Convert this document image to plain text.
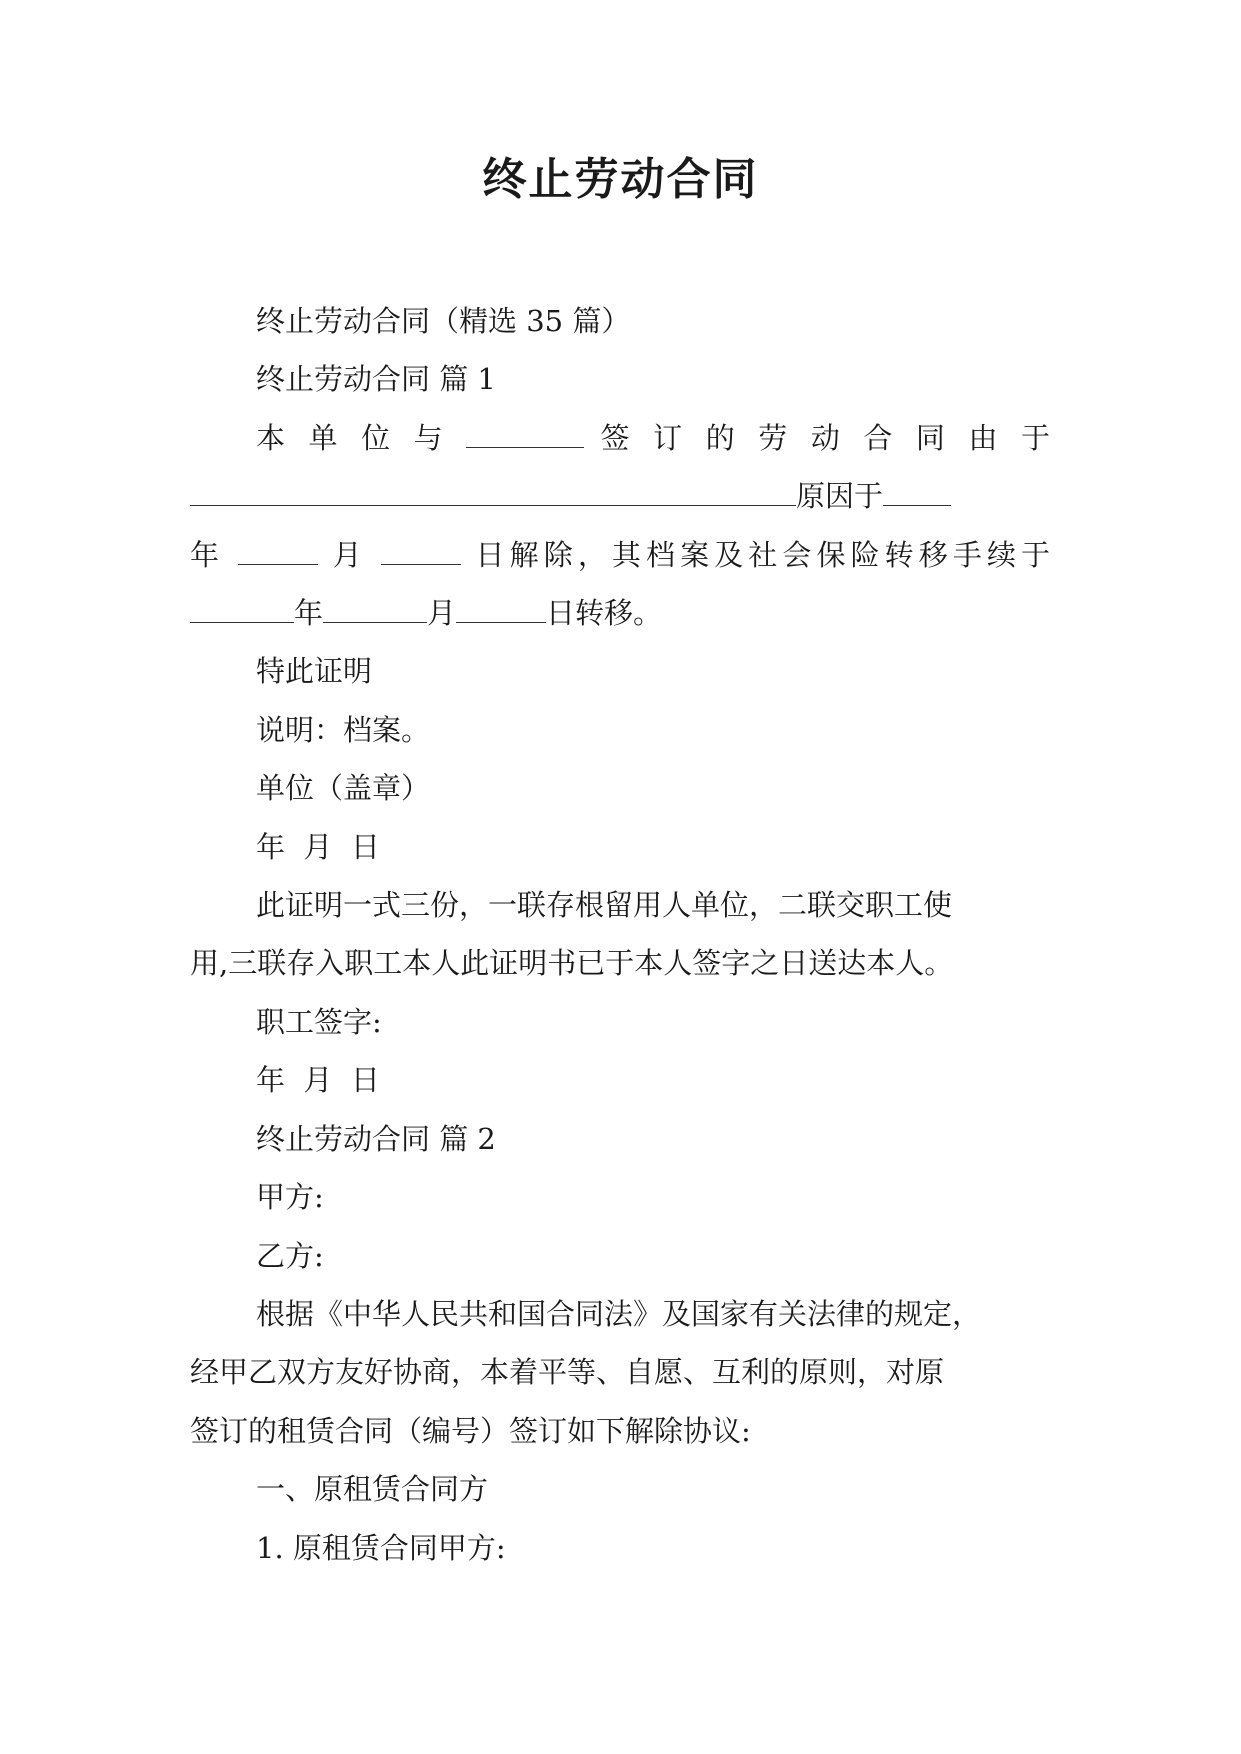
终止劳动合同

终止劳动合同（精选 35 篇）

终止劳动合同 篇 1

本 单 位 与	签 订 的 劳 动 合 同 由 于

原因于

年	月	日解除，其档案及社会保险转移手续于

年	月	日转移。

特此证明

说明：档案。

单位（盖章）

年  月  日

此证明一式三份，一联存根留用人单位，二联交职工使

用,三联存入职工本人此证明书已于本人签字之日送达本人。

职工签字:

年  月  日

终止劳动合同 篇 2

甲方:

乙方:

根据《中华人民共和国合同法》及国家有关法律的规定，

经甲乙双方友好协商，本着平等、自愿、互利的原则，对原

签订的租赁合同（编号）签订如下解除协议:

一、原租赁合同方

1. 原租赁合同甲方:
